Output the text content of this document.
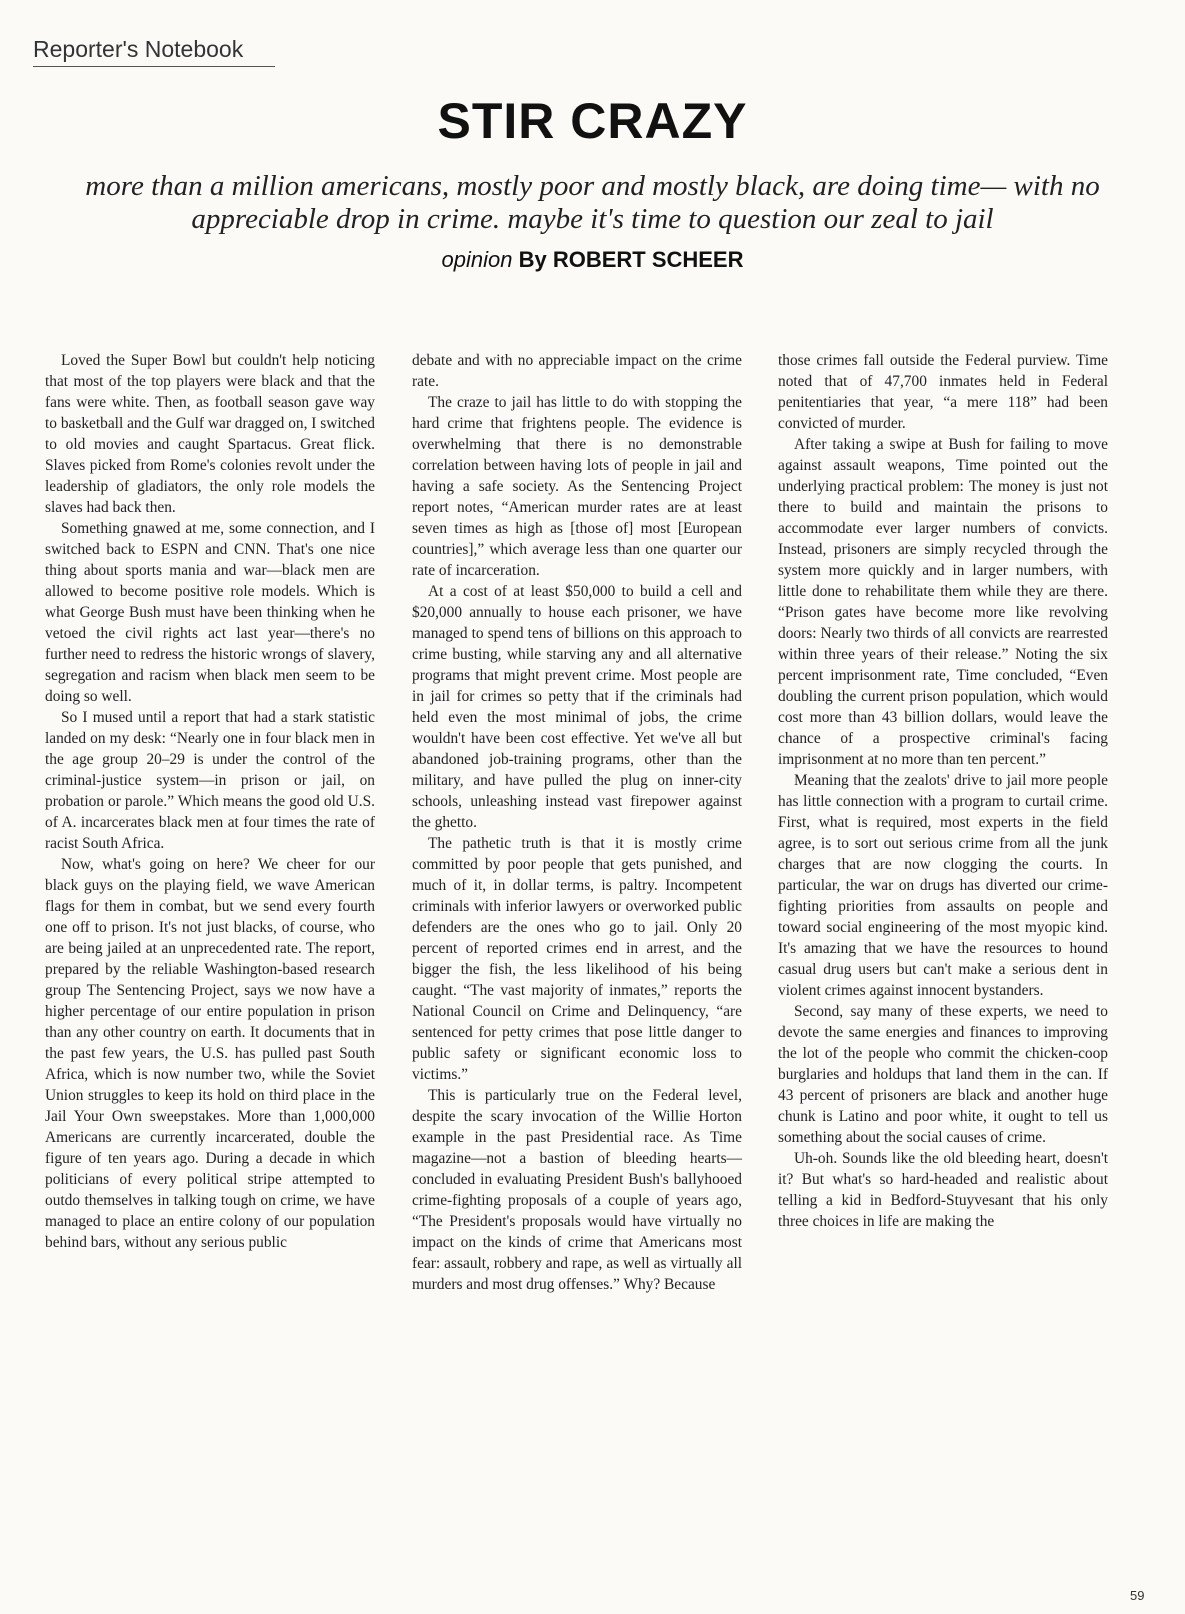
Reporter's Notebook
STIR CRAZY
more than a million americans, mostly poor and mostly black, are doing time— with no appreciable drop in crime. maybe it's time to question our zeal to jail
opinion By ROBERT SCHEER

Loved the Super Bowl but couldn't help noticing that most of the top players were black and that the fans were white. Then, as football season gave way to basketball and the Gulf war dragged on, I switched to old movies and caught Spartacus. Great flick. Slaves picked from Rome's colonies revolt under the leadership of gladiators, the only role models the slaves had back then.

Something gnawed at me, some connection, and I switched back to ESPN and CNN. That's one nice thing about sports mania and war—black men are allowed to become positive role models. Which is what George Bush must have been thinking when he vetoed the civil rights act last year—there's no further need to redress the historic wrongs of slavery, segregation and racism when black men seem to be doing so well.

So I mused until a report that had a stark statistic landed on my desk: “Nearly one in four black men in the age group 20–29 is under the control of the criminal-justice system—in prison or jail, on probation or parole.” Which means the good old U.S. of A. incarcerates black men at four times the rate of racist South Africa.

Now, what's going on here? We cheer for our black guys on the playing field, we wave American flags for them in combat, but we send every fourth one off to prison. It's not just blacks, of course, who are being jailed at an unprecedented rate. The report, prepared by the reliable Washington-based research group The Sentencing Project, says we now have a higher percentage of our entire population in prison than any other country on earth. It documents that in the past few years, the U.S. has pulled past South Africa, which is now number two, while the Soviet Union struggles to keep its hold on third place in the Jail Your Own sweepstakes. More than 1,000,000 Americans are currently incarcerated, double the figure of ten years ago. During a decade in which politicians of every political stripe attempted to outdo themselves in talking tough on crime, we have managed to place an entire colony of our population behind bars, without any serious public

debate and with no appreciable impact on the crime rate.

The craze to jail has little to do with stopping the hard crime that frightens people. The evidence is overwhelming that there is no demonstrable correlation between having lots of people in jail and having a safe society. As the Sentencing Project report notes, “American murder rates are at least seven times as high as [those of] most [European countries],” which average less than one quarter our rate of incarceration.

At a cost of at least $50,000 to build a cell and $20,000 annually to house each prisoner, we have managed to spend tens of billions on this approach to crime busting, while starving any and all alternative programs that might prevent crime. Most people are in jail for crimes so petty that if the criminals had held even the most minimal of jobs, the crime wouldn't have been cost effective. Yet we've all but abandoned job-training programs, other than the military, and have pulled the plug on inner-city schools, unleashing instead vast firepower against the ghetto.

The pathetic truth is that it is mostly crime committed by poor people that gets punished, and much of it, in dollar terms, is paltry. Incompetent criminals with inferior lawyers or overworked public defenders are the ones who go to jail. Only 20 percent of reported crimes end in arrest, and the bigger the fish, the less likelihood of his being caught. “The vast majority of inmates,” reports the National Council on Crime and Delinquency, “are sentenced for petty crimes that pose little danger to public safety or significant economic loss to victims.”

This is particularly true on the Federal level, despite the scary invocation of the Willie Horton example in the past Presidential race. As Time magazine—not a bastion of bleeding hearts—concluded in evaluating President Bush's ballyhooed crime-fighting proposals of a couple of years ago, “The President's proposals would have virtually no impact on the kinds of crime that Americans most fear: assault, robbery and rape, as well as virtually all murders and most drug offenses.” Why? Because

those crimes fall outside the Federal purview. Time noted that of 47,700 inmates held in Federal penitentiaries that year, “a mere 118” had been convicted of murder.

After taking a swipe at Bush for failing to move against assault weapons, Time pointed out the underlying practical problem: The money is just not there to build and maintain the prisons to accommodate ever larger numbers of convicts. Instead, prisoners are simply recycled through the system more quickly and in larger numbers, with little done to rehabilitate them while they are there. “Prison gates have become more like revolving doors: Nearly two thirds of all convicts are rearrested within three years of their release.” Noting the six percent imprisonment rate, Time concluded, “Even doubling the current prison population, which would cost more than 43 billion dollars, would leave the chance of a prospective criminal's facing imprisonment at no more than ten percent.”

Meaning that the zealots' drive to jail more people has little connection with a program to curtail crime. First, what is required, most experts in the field agree, is to sort out serious crime from all the junk charges that are now clogging the courts. In particular, the war on drugs has diverted our crime-fighting priorities from assaults on people and toward social engineering of the most myopic kind. It's amazing that we have the resources to hound casual drug users but can't make a serious dent in violent crimes against innocent bystanders.

Second, say many of these experts, we need to devote the same energies and finances to improving the lot of the people who commit the chicken-coop burglaries and holdups that land them in the can. If 43 percent of prisoners are black and another huge chunk is Latino and poor white, it ought to tell us something about the social causes of crime.

Uh-oh. Sounds like the old bleeding heart, doesn't it? But what's so hard-headed and realistic about telling a kid in Bedford-Stuyvesant that his only three choices in life are making the

59
